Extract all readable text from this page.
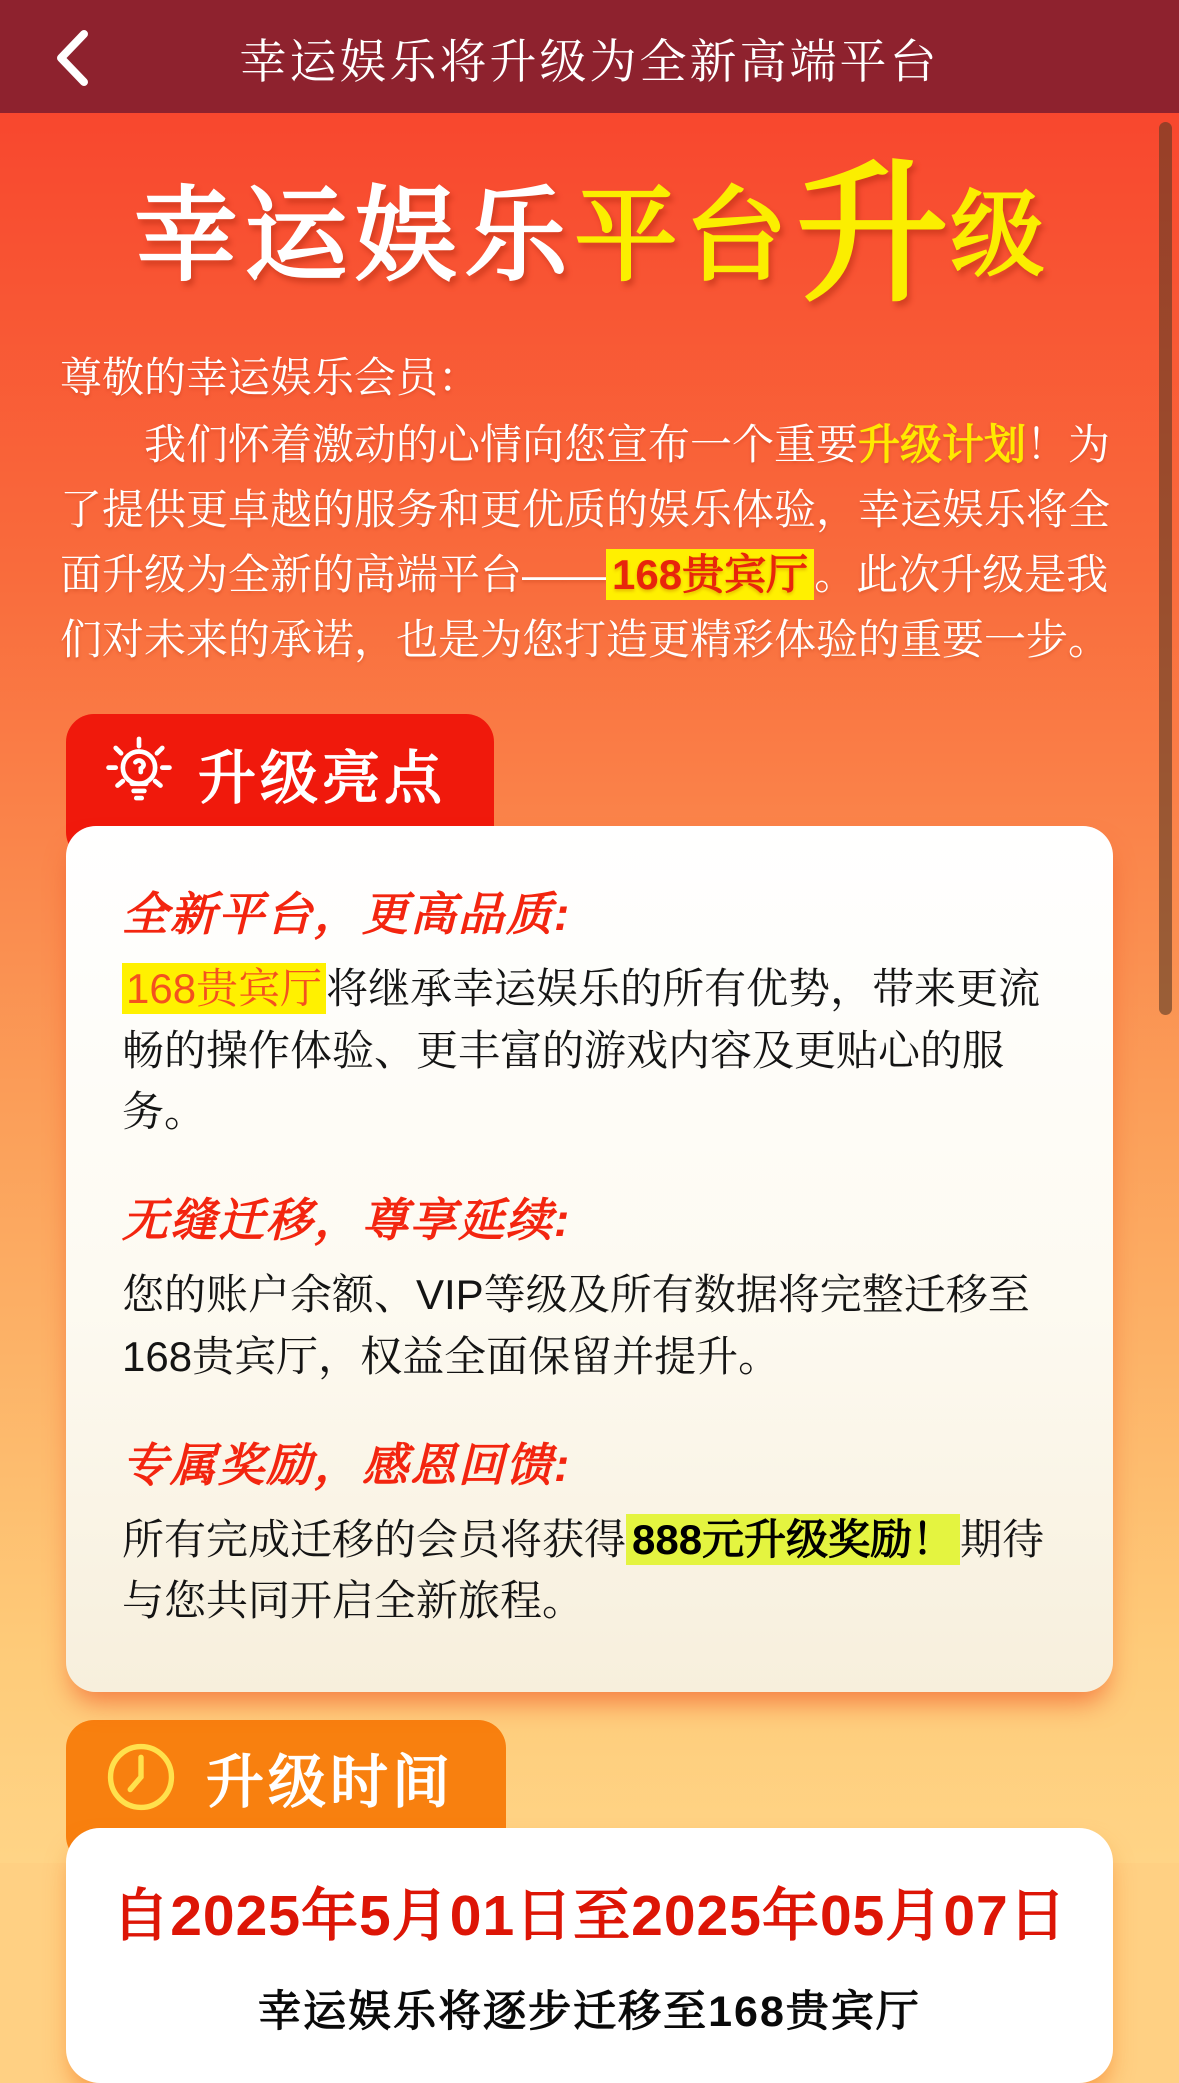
幸运娱乐将升级为全新高端平台
幸运娱乐 平台 升 级
尊敬的幸运娱乐会员：
我们怀着激动的心情向您宣布一个重要升级计划！为了提供更卓越的服务和更优质的娱乐体验，幸运娱乐将全面升级为全新的高端平台—— 168贵宾厅 。此次升级是我们对未来的承诺，也是为您打造更精彩体验的重要一步。
升级亮点
全新平台，更高品质:
168贵宾厅将继承幸运娱乐的所有优势，带来更流畅的操作体验、更丰富的游戏内容及更贴心的服务。
无缝迁移，尊享延续:
您的账户余额、VIP等级及所有数据将完整迁移至168贵宾厅，权益全面保留并提升。
专属奖励，感恩回馈:
所有完成迁移的会员将获得 888元升级奖励！ 期待与您共同开启全新旅程。
升级时间
自2025年5月01日至2025年05月07日
幸运娱乐将逐步迁移至168贵宾厅
